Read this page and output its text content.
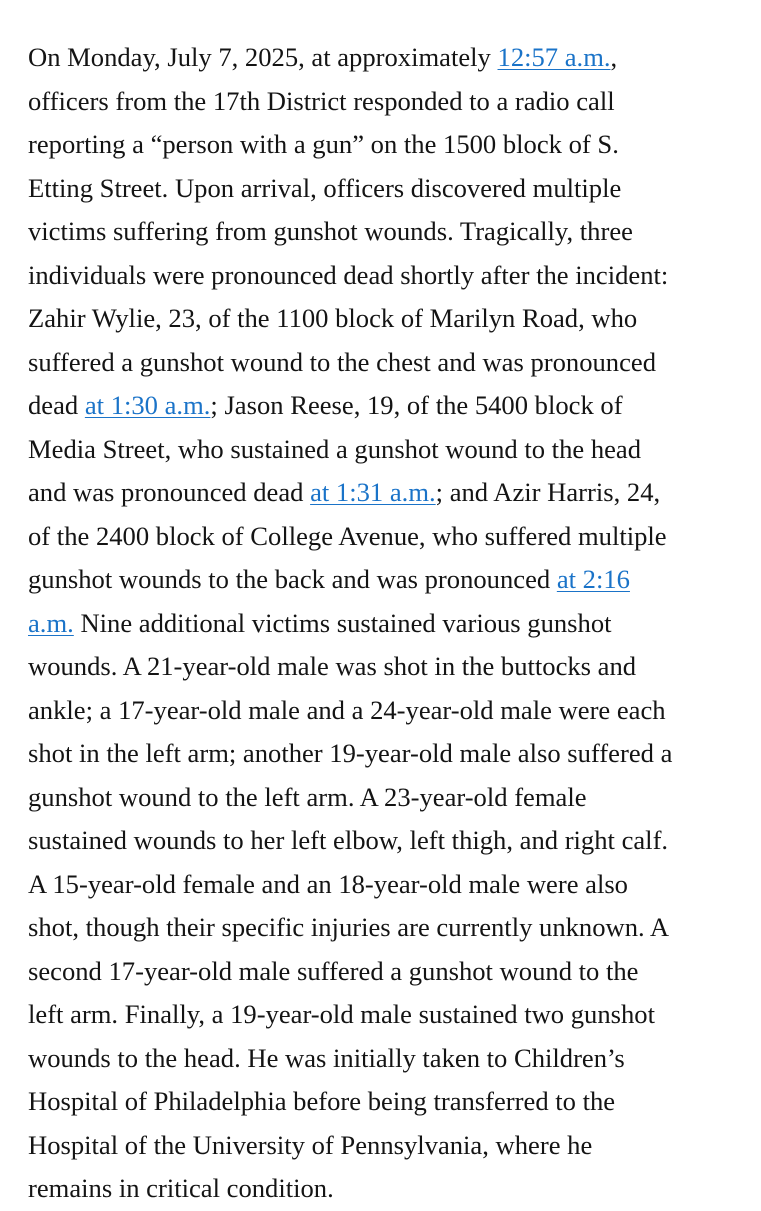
On Monday, July 7, 2025, at approximately 12:57 a.m.,
officers from the 17th District responded to a radio call
reporting a “person with a gun” on the 1500 block of S.
Etting Street. Upon arrival, officers discovered multiple
victims suffering from gunshot wounds. Tragically, three
individuals were pronounced dead shortly after the incident:
Zahir Wylie, 23, of the 1100 block of Marilyn Road, who
suffered a gunshot wound to the chest and was pronounced
dead at 1:30 a.m.; Jason Reese, 19, of the 5400 block of
Media Street, who sustained a gunshot wound to the head
and was pronounced dead at 1:31 a.m.; and Azir Harris, 24,
of the 2400 block of College Avenue, who suffered multiple
gunshot wounds to the back and was pronounced at 2:16
a.m. Nine additional victims sustained various gunshot
wounds. A 21-year-old male was shot in the buttocks and
ankle; a 17-year-old male and a 24-year-old male were each
shot in the left arm; another 19-year-old male also suffered a
gunshot wound to the left arm. A 23-year-old female
sustained wounds to her left elbow, left thigh, and right calf.
A 15-year-old female and an 18-year-old male were also
shot, though their specific injuries are currently unknown. A
second 17-year-old male suffered a gunshot wound to the
left arm. Finally, a 19-year-old male sustained two gunshot
wounds to the head. He was initially taken to Children’s
Hospital of Philadelphia before being transferred to the
Hospital of the University of Pennsylvania, where he
remains in critical condition.
